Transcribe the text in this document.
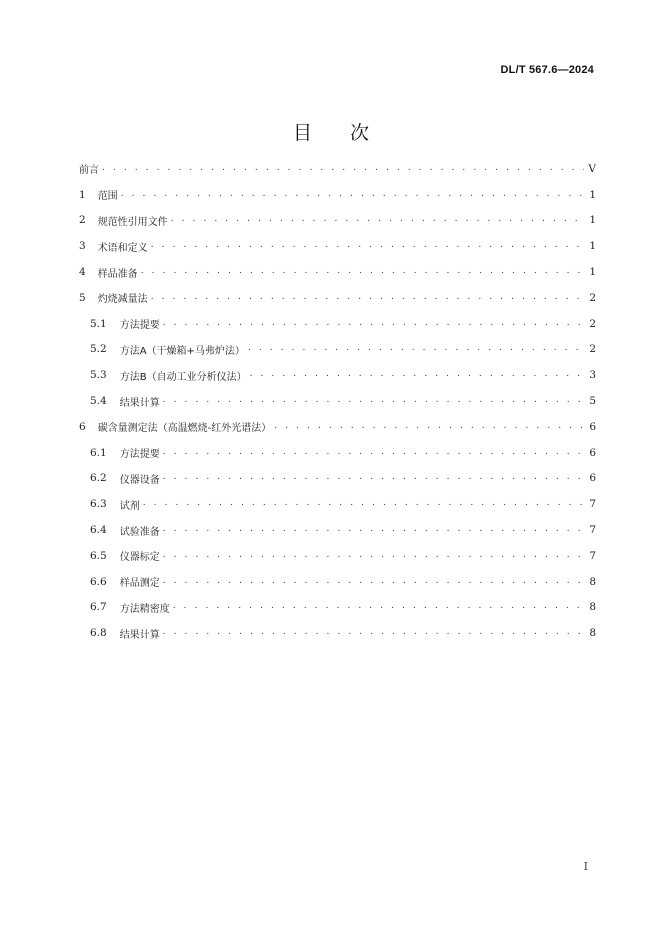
DL/T 567.6—2024
目次
前言 . . .	V
1 范围 . . .	1
2 规范性引用文件 . . .	1
3 术语和定义 . . .	1
4 样品准备 . . .	1
5 灼烧减量法 . . .	2
5.1 方法提要 . . .	2
5.2 方法A（干燥箱+马弗炉法） . . .	2
5.3 方法B（自动工业分析仪法） . . .	3
5.4 结果计算 . . .	5
6 碳含量测定法（高温燃烧-红外光谱法） . . .	6
6.1 方法提要 . . .	6
6.2 仪器设备 . . .	6
6.3 试剂 . . .	7
6.4 试验准备 . . .	7
6.5 仪器标定 . . .	7
6.6 样品测定 . . .	8
6.7 方法精密度 . . .	8
6.8 结果计算 . . .	8
I
